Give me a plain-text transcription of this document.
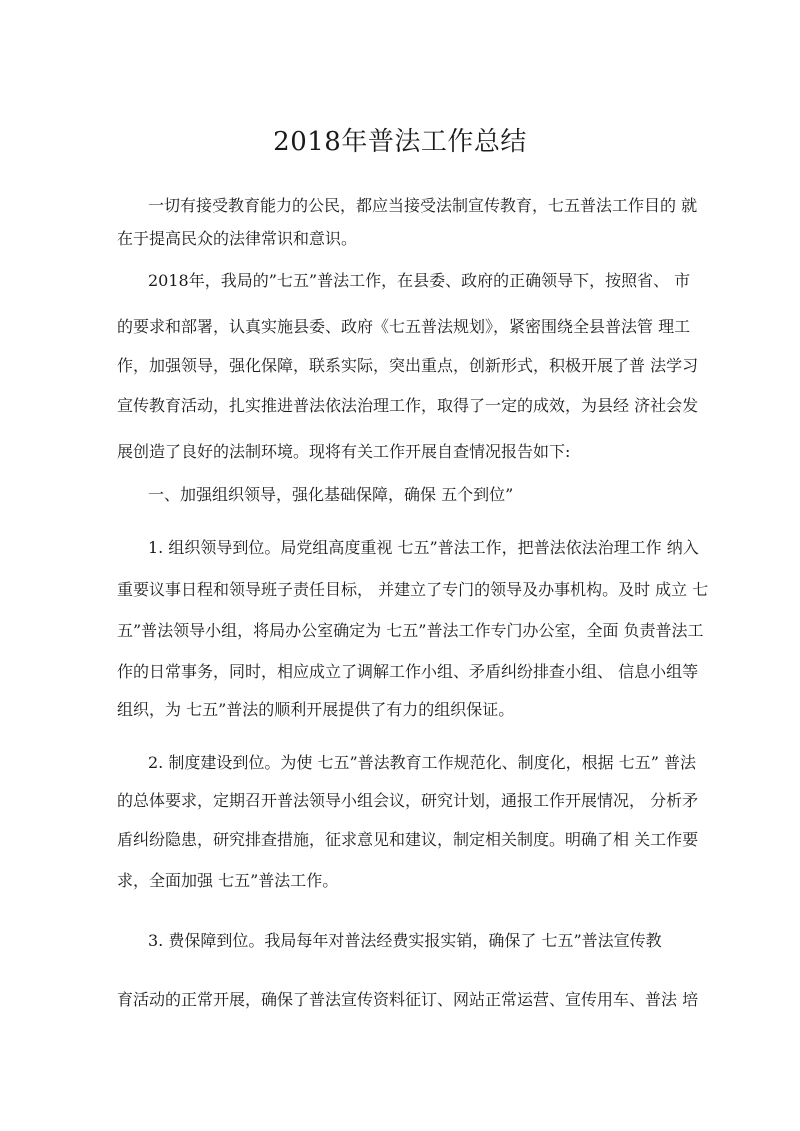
2018年普法工作总结
一切有接受教育能力的公民，都应当接受法制宣传教育，七五普法工作目的 就
在于提高民众的法律常识和意识。
2018年，我局的”七五”普法工作，在县委、政府的正确领导下，按照省、 市
的要求和部署，认真实施县委、政府《七五普法规划》，紧密围绕全县普法管 理工
作，加强领导，强化保障，联系实际，突出重点，创新形式，积极开展了普 法学习
宣传教育活动，扎实推进普法依法治理工作，取得了一定的成效，为县经 济社会发
展创造了良好的法制环境。现将有关工作开展自查情况报告如下:
一、加强组织领导，强化基础保障，确保 五个到位”
1. 组织领导到位。局党组高度重视 七五”普法工作，把普法依法治理工作 纳入
重要议事日程和领导班子责任目标， 并建立了专门的领导及办事机构。及时 成立 七
五”普法领导小组，将局办公室确定为 七五”普法工作专门办公室，全面 负责普法工
作的日常事务，同时，相应成立了调解工作小组、矛盾纠纷排查小组、 信息小组等
组织，为 七五”普法的顺利开展提供了有力的组织保证。
2. 制度建设到位。为使 七五”普法教育工作规范化、制度化，根据 七五” 普法
的总体要求，定期召开普法领导小组会议，研究计划，通报工作开展情况， 分析矛
盾纠纷隐患，研究排查措施，征求意见和建议，制定相关制度。明确了相 关工作要
求，全面加强 七五”普法工作。
3. 费保障到位。我局每年对普法经费实报实销，确保了 七五”普法宣传教
育活动的正常开展，确保了普法宣传资料征订、网站正常运营、宣传用车、普法 培
